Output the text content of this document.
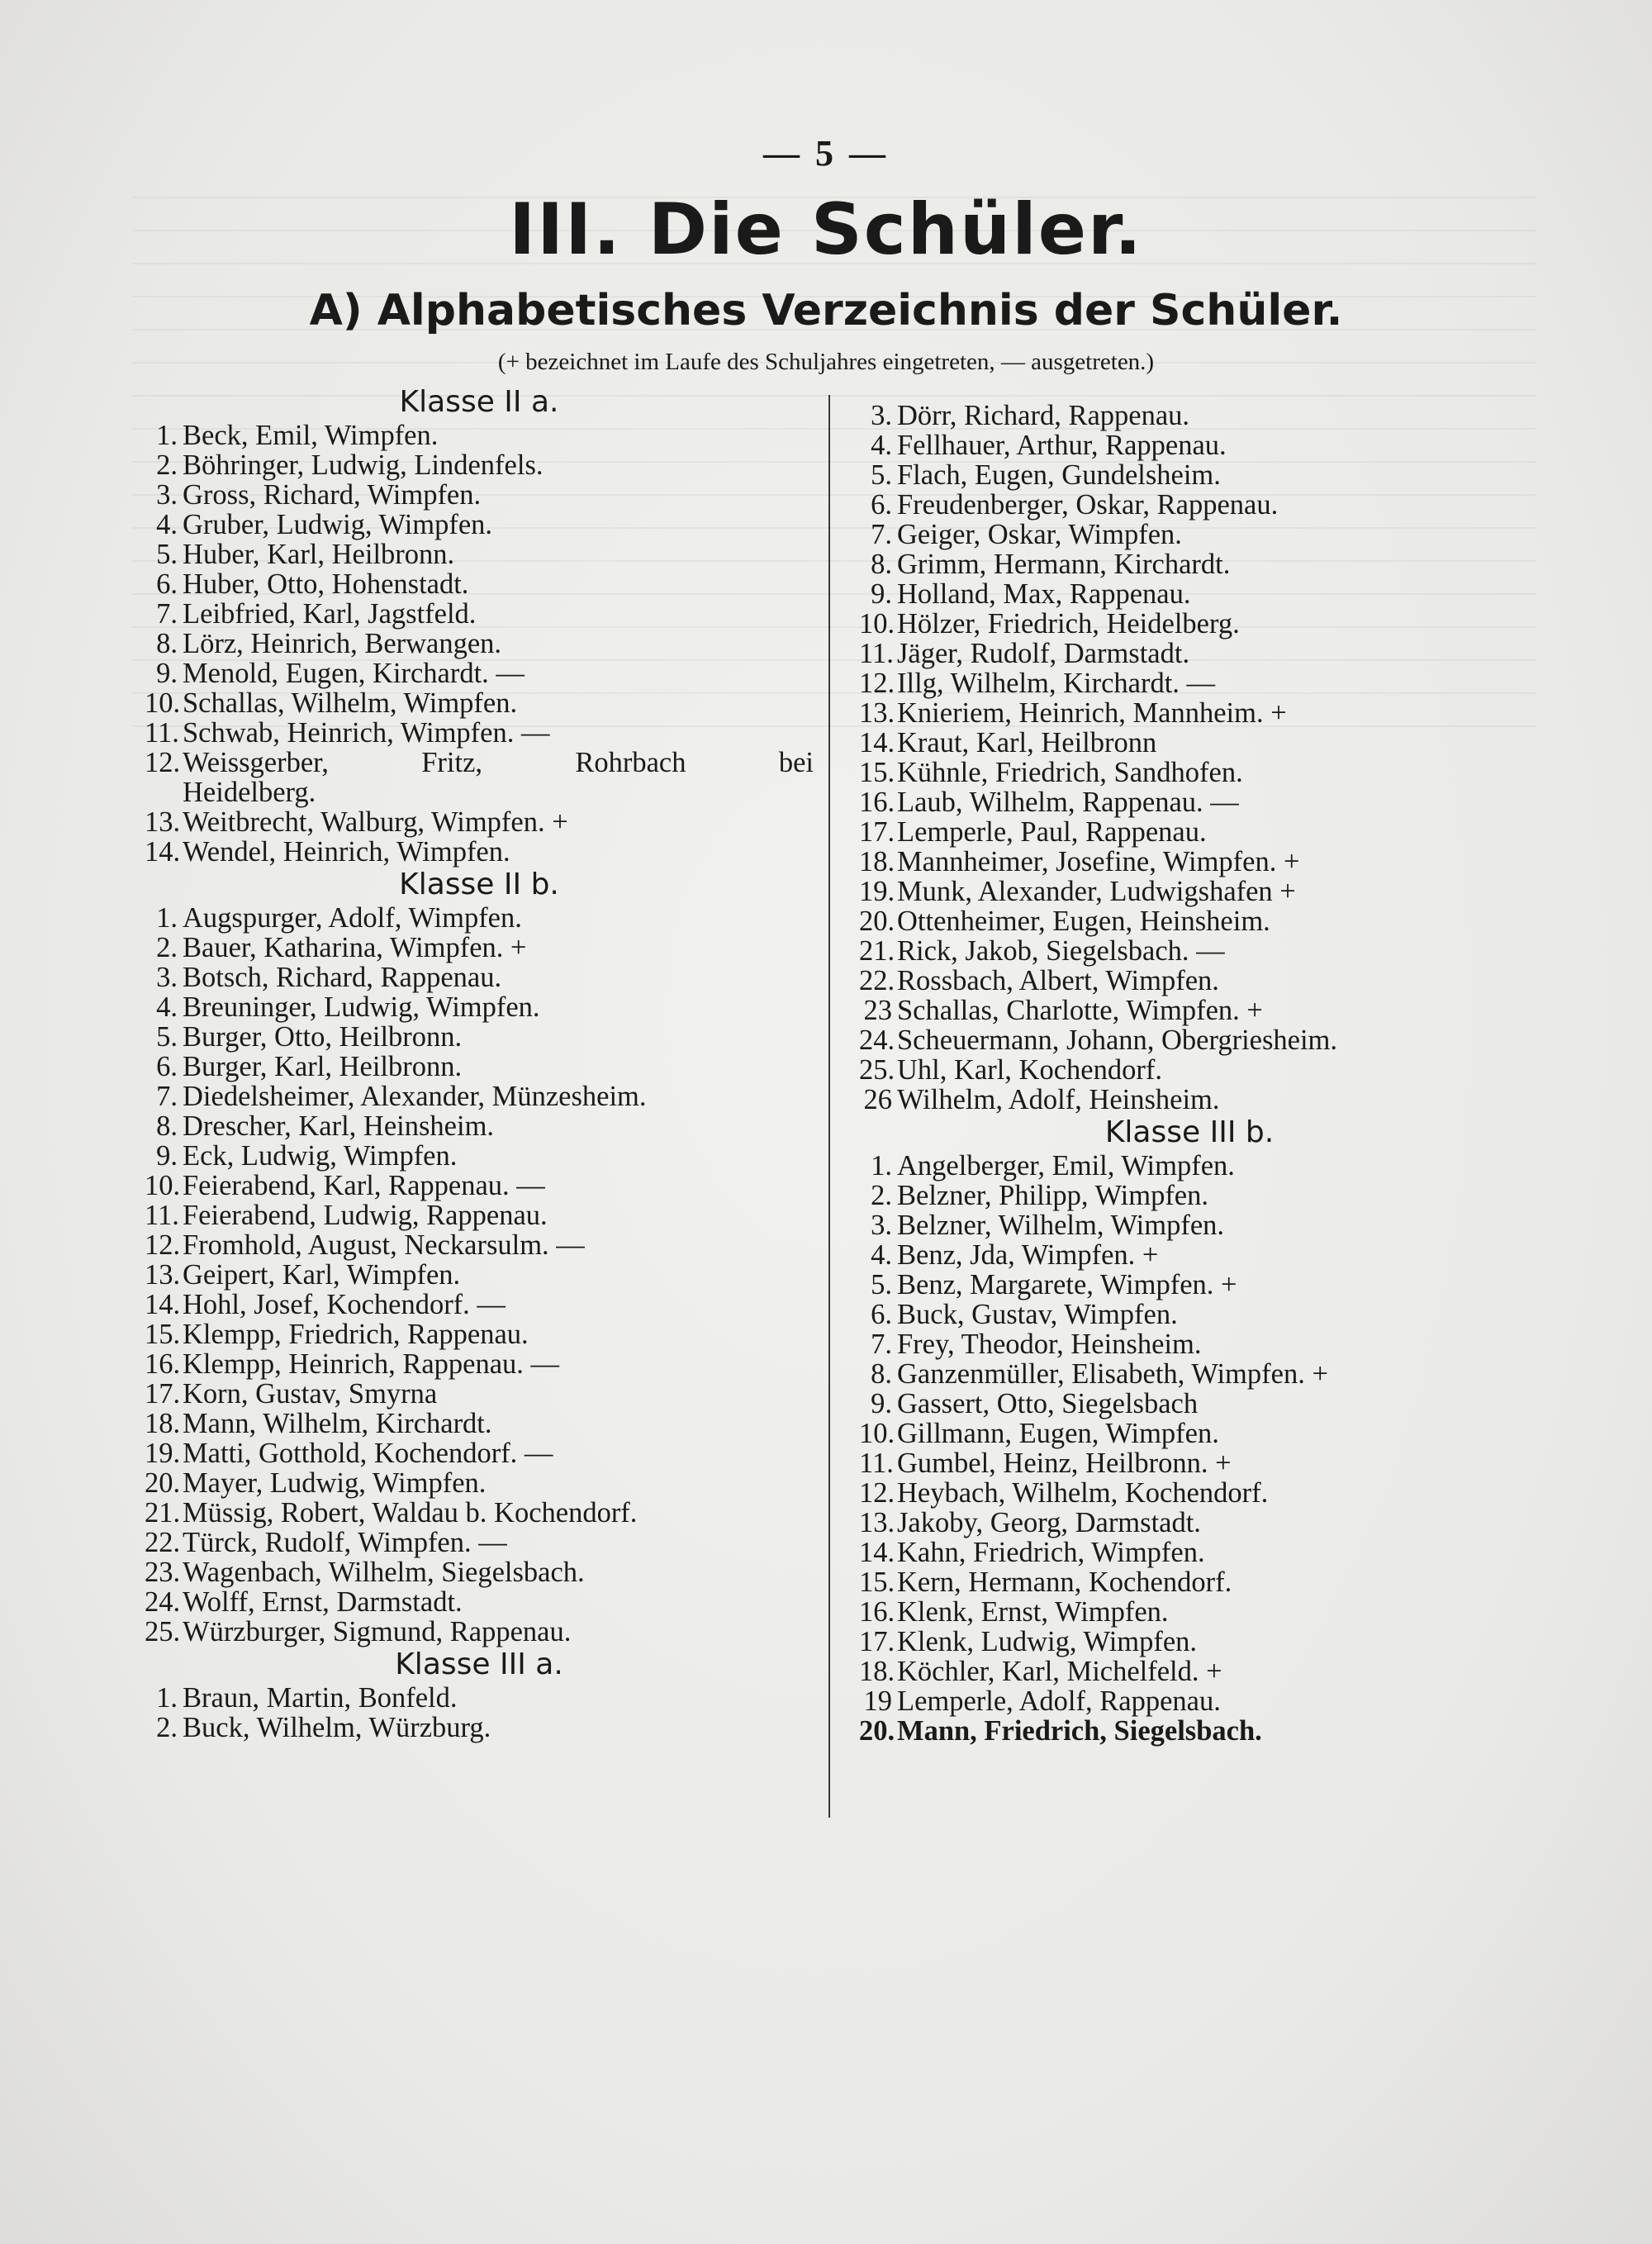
— 5 —
III. Die Schüler.
A) Alphabetisches Verzeichnis der Schüler.
(+ bezeichnet im Laufe des Schuljahres eingetreten, — ausgetreten.)
Klasse II a.
1. Beck, Emil, Wimpfen.
2. Böhringer, Ludwig, Lindenfels.
3. Gross, Richard, Wimpfen.
4. Gruber, Ludwig, Wimpfen.
5. Huber, Karl, Heilbronn.
6. Huber, Otto, Hohenstadt.
7. Leibfried, Karl, Jagstfeld.
8. Lörz, Heinrich, Berwangen.
9. Menold, Eugen, Kirchardt. —
10. Schallas, Wilhelm, Wimpfen.
11. Schwab, Heinrich, Wimpfen. —
12. Weissgerber, Fritz, Rohrbach bei
Heidelberg.
13. Weitbrecht, Walburg, Wimpfen. +
14. Wendel, Heinrich, Wimpfen.
Klasse II b.
1. Augspurger, Adolf, Wimpfen.
2. Bauer, Katharina, Wimpfen. +
3. Botsch, Richard, Rappenau.
4. Breuninger, Ludwig, Wimpfen.
5. Burger, Otto, Heilbronn.
6. Burger, Karl, Heilbronn.
7. Diedelsheimer, Alexander, Münzesheim.
8. Drescher, Karl, Heinsheim.
9. Eck, Ludwig, Wimpfen.
10. Feierabend, Karl, Rappenau. —
11. Feierabend, Ludwig, Rappenau.
12. Fromhold, August, Neckarsulm. —
13. Geipert, Karl, Wimpfen.
14. Hohl, Josef, Kochendorf. —
15. Klempp, Friedrich, Rappenau.
16. Klempp, Heinrich, Rappenau. —
17. Korn, Gustav, Smyrna
18. Mann, Wilhelm, Kirchardt.
19. Matti, Gotthold, Kochendorf. —
20. Mayer, Ludwig, Wimpfen.
21. Müssig, Robert, Waldau b. Kochendorf.
22. Türck, Rudolf, Wimpfen. —
23. Wagenbach, Wilhelm, Siegelsbach.
24. Wolff, Ernst, Darmstadt.
25. Würzburger, Sigmund, Rappenau.
Klasse III a.
1. Braun, Martin, Bonfeld.
2. Buck, Wilhelm, Würzburg.
3. Dörr, Richard, Rappenau.
4. Fellhauer, Arthur, Rappenau.
5. Flach, Eugen, Gundelsheim.
6. Freudenberger, Oskar, Rappenau.
7. Geiger, Oskar, Wimpfen.
8. Grimm, Hermann, Kirchardt.
9. Holland, Max, Rappenau.
10. Hölzer, Friedrich, Heidelberg.
11. Jäger, Rudolf, Darmstadt.
12. Illg, Wilhelm, Kirchardt. —
13. Knieriem, Heinrich, Mannheim. +
14. Kraut, Karl, Heilbronn
15. Kühnle, Friedrich, Sandhofen.
16. Laub, Wilhelm, Rappenau. —
17. Lemperle, Paul, Rappenau.
18. Mannheimer, Josefine, Wimpfen. +
19. Munk, Alexander, Ludwigshafen +
20. Ottenheimer, Eugen, Heinsheim.
21. Rick, Jakob, Siegelsbach. —
22. Rossbach, Albert, Wimpfen.
23 Schallas, Charlotte, Wimpfen. +
24. Scheuermann, Johann, Obergriesheim.
25. Uhl, Karl, Kochendorf.
26 Wilhelm, Adolf, Heinsheim.
Klasse III b.
1. Angelberger, Emil, Wimpfen.
2. Belzner, Philipp, Wimpfen.
3. Belzner, Wilhelm, Wimpfen.
4. Benz, Jda, Wimpfen. +
5. Benz, Margarete, Wimpfen. +
6. Buck, Gustav, Wimpfen.
7. Frey, Theodor, Heinsheim.
8. Ganzenmüller, Elisabeth, Wimpfen. +
9. Gassert, Otto, Siegelsbach
10. Gillmann, Eugen, Wimpfen.
11. Gumbel, Heinz, Heilbronn. +
12. Heybach, Wilhelm, Kochendorf.
13. Jakoby, Georg, Darmstadt.
14. Kahn, Friedrich, Wimpfen.
15. Kern, Hermann, Kochendorf.
16. Klenk, Ernst, Wimpfen.
17. Klenk, Ludwig, Wimpfen.
18. Köchler, Karl, Michelfeld. +
19 Lemperle, Adolf, Rappenau.
20. Mann, Friedrich, Siegelsbach.
